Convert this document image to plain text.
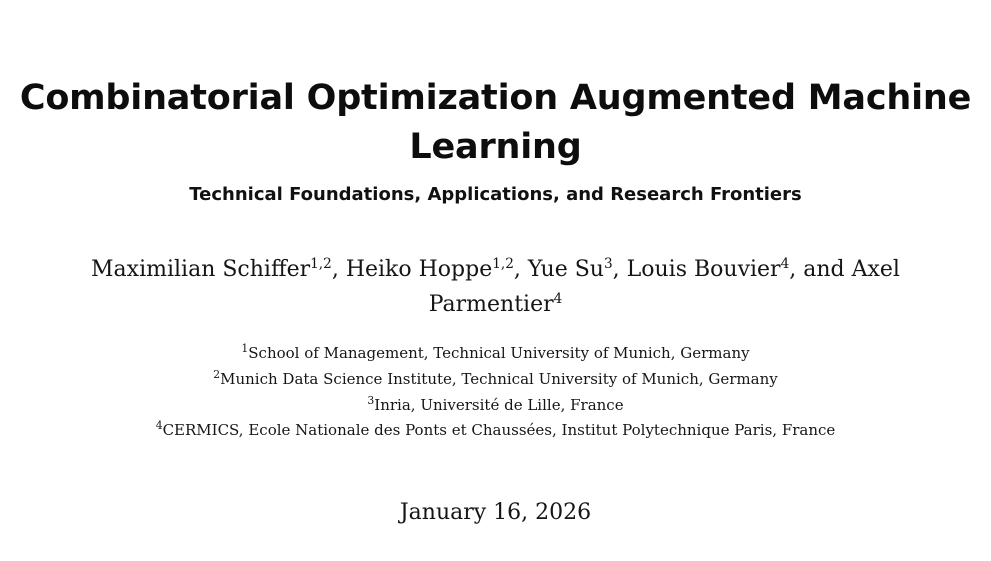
Combinatorial Optimization Augmented Machine
Learning
Technical Foundations, Applications, and Research Frontiers
Maximilian Schiffer$^{1,2}$, Heiko Hoppe$^{1,2}$, Yue Su$^3$, Louis Bouvier$^4$, and Axel
Parmentier$^4$
$^1$School of Management, Technical University of Munich, Germany
$^2$Munich Data Science Institute, Technical University of Munich, Germany
$^3$Inria, Université de Lille, France
$^4$CERMICS, Ecole Nationale des Ponts et Chaussées, Institut Polytechnique Paris, France
January 16, 2026
